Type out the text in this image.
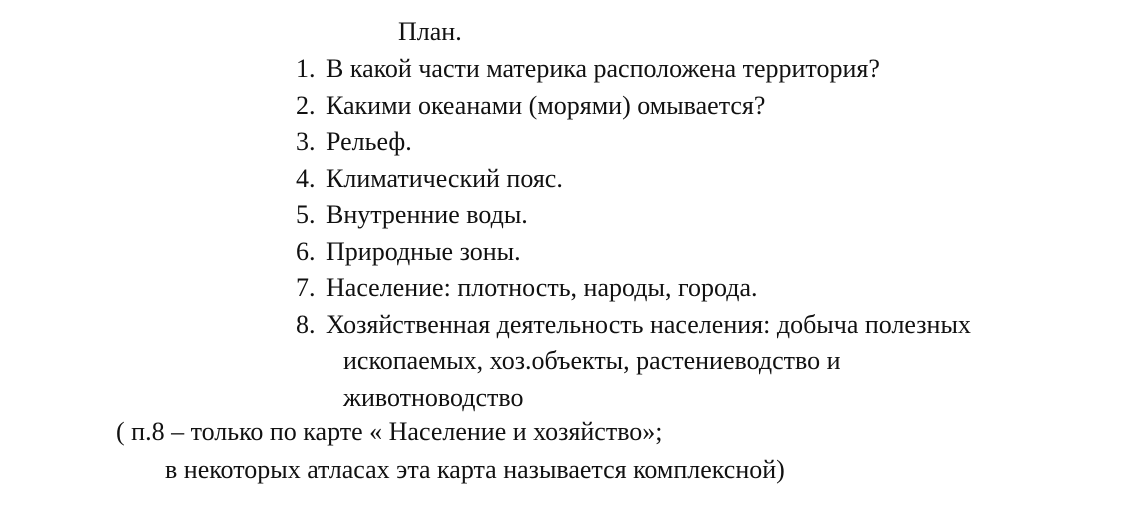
План.
1. В какой части материка расположена территория?
2. Какими океанами (морями) омывается?
3. Рельеф.
4. Климатический пояс.
5. Внутренние воды.
6. Природные зоны.
7. Население: плотность, народы, города.
8. Хозяйственная деятельность населения: добыча полезных
ископаемых, хоз.объекты, растениеводство и
животноводство

( п.8 – только по карте « Население и хозяйство»;
в некоторых атласах эта карта называется комплексной)
